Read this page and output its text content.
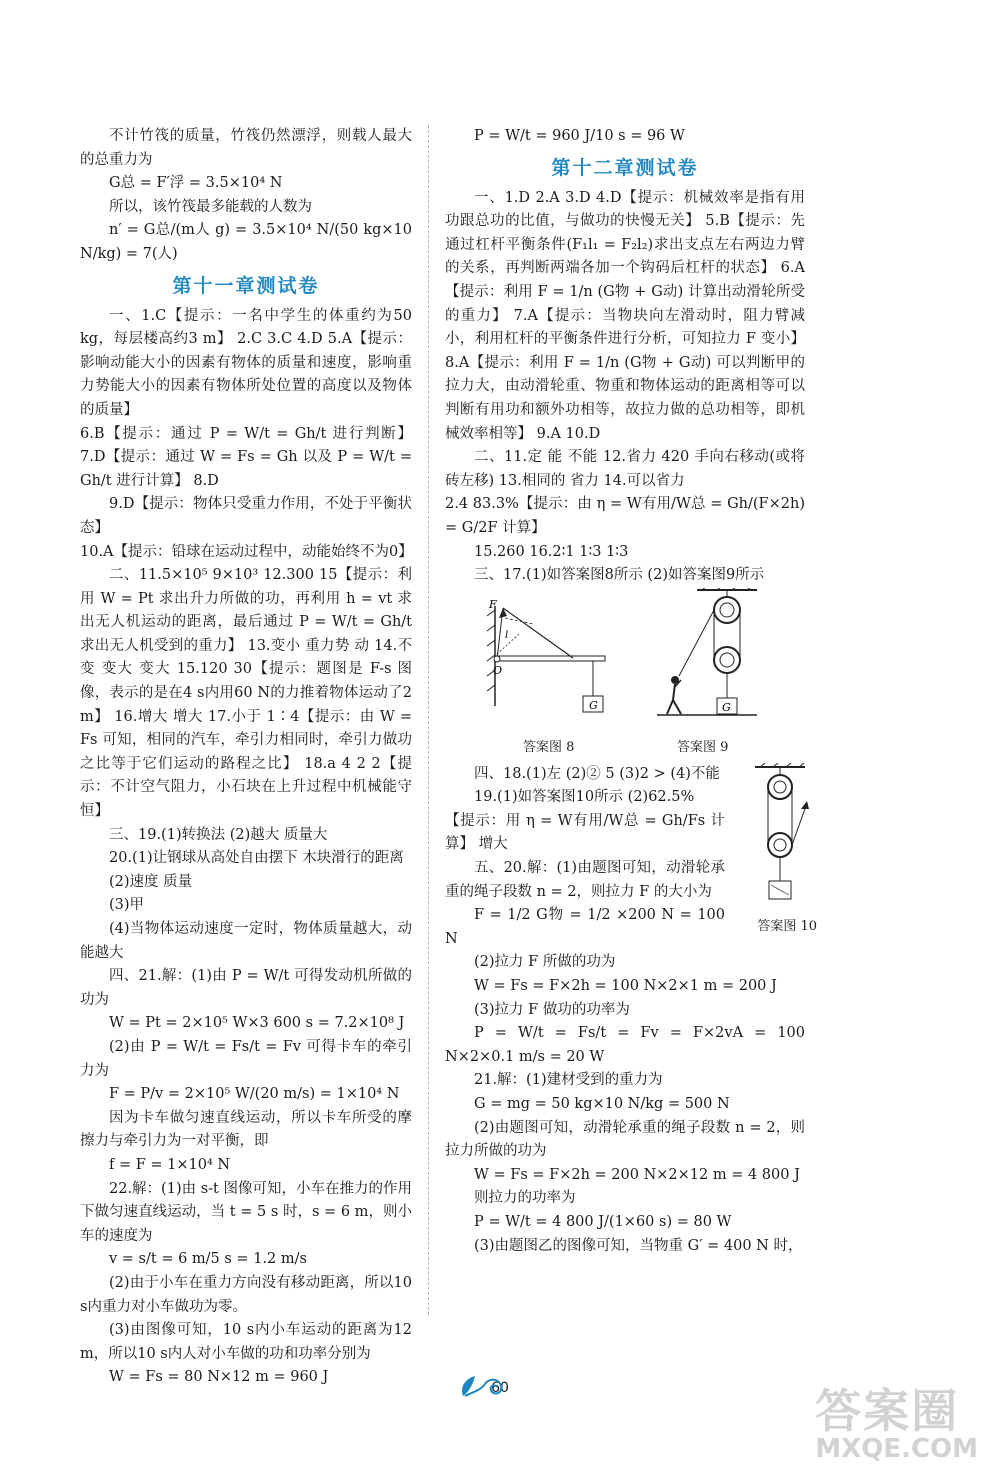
不计竹筏的质量，竹筏仍然漂浮，则载人最大的总重力为

G总 = F′浮 = 3.5×10⁴ N

所以，该竹筏最多能载的人数为

n′ = G总/(m人 g) = 3.5×10⁴ N/(50 kg×10 N/kg) = 7(人)

第十一章测试卷

一、1.C【提示：一名中学生的体重约为50 kg，每层楼高约3 m】 2.C 3.C 4.D 5.A【提示：影响动能大小的因素有物体的质量和速度，影响重力势能大小的因素有物体所处位置的高度以及物体的质量】

6.B【提示：通过 P = W/t = Gh/t 进行判断】 7.D【提示：通过 W = Fs = Gh 以及 P = W/t = Gh/t 进行计算】 8.D

9.D【提示：物体只受重力作用，不处于平衡状态】

10.A【提示：铅球在运动过程中，动能始终不为0】

二、11.5×10⁵ 9×10³ 12.300 15【提示：利用 W = Pt 求出升力所做的功，再利用 h = vt 求出无人机运动的距离，最后通过 P = W/t = Gh/t 求出无人机受到的重力】 13.变小 重力势 动 14.不变 变大 变大 15.120 30【提示：题图是 F-s 图像，表示的是在4 s内用60 N的力推着物体运动了2 m】 16.增大 增大 17.小于 1∶4【提示：由 W = Fs 可知，相同的汽车，牵引力相同时，牵引力做功之比等于它们运动的路程之比】 18.a 4 2 2【提示：不计空气阻力，小石块在上升过程中机械能守恒】

三、19.(1)转换法 (2)越大 质量大

20.(1)让钢球从高处自由摆下 木块滑行的距离

(2)速度 质量

(3)甲

(4)当物体运动速度一定时，物体质量越大，动能越大

四、21.解：(1)由 P = W/t 可得发动机所做的功为

W = Pt = 2×10⁵ W×3 600 s = 7.2×10⁸ J

(2)由 P = W/t = Fs/t = Fv 可得卡车的牵引力为

F = P/v = 2×10⁵ W/(20 m/s) = 1×10⁴ N

因为卡车做匀速直线运动，所以卡车所受的摩擦力与牵引力为一对平衡，即

f = F = 1×10⁴ N

22.解：(1)由 s-t 图像可知，小车在推力的作用下做匀速直线运动，当 t = 5 s 时，s = 6 m，则小车的速度为

v = s/t = 6 m/5 s = 1.2 m/s

(2)由于小车在重力方向没有移动距离，所以10 s内重力对小车做功为零。

(3)由图像可知，10 s内小车运动的距离为12 m，所以10 s内人对小车做的功和功率分别为

W = Fs = 80 N×12 m = 960 J

P = W/t = 960 J/10 s = 96 W

第十二章测试卷

一、1.D 2.A 3.D 4.D【提示：机械效率是指有用功跟总功的比值，与做功的快慢无关】 5.B【提示：先通过杠杆平衡条件(F₁l₁ = F₂l₂)求出支点左右两边力臂的关系，再判断两端各加一个钩码后杠杆的状态】 6.A【提示：利用 F = 1/n (G物 + G动) 计算出动滑轮所受的重力】 7.A【提示：当物块向左滑动时，阻力臂减小，利用杠杆的平衡条件进行分析，可知拉力 F 变小】 8.A【提示：利用 F = 1/n (G物 + G动) 可以判断甲的拉力大，由动滑轮重、物重和物体运动的距离相等可以判断有用功和额外功相等，故拉力做的总功相等，即机械效率相等】 9.A 10.D

二、11.定 能 不能 12.省力 420 手向右移动(或将砖左移) 13.相同的 省力 14.可以省力

2.4 83.3%【提示：由 η = W有用/W总 = Gh/(F×2h) = G/2F 计算】

15.260 16.2∶1 1∶3 1∶3

三、17.(1)如答案图8所示 (2)如答案图9所示

F
l
O
G
答案图 8
G
答案图 9

四、18.(1)左 (2)② 5 (3)2 > (4)不能

19.(1)如答案图10所示 (2)62.5%

【提示：用 η = W有用/W总 = Gh/Fs 计算】 增大

五、20.解：(1)由题图可知，动滑轮承重的绳子段数 n = 2，则拉力 F 的大小为

F = 1/2 G物 = 1/2 ×200 N = 100 N

(2)拉力 F 所做的功为

W = Fs = F×2h = 100 N×2×1 m = 200 J

(3)拉力 F 做功的功率为

P = W/t = Fs/t = Fv = F×2vA = 100 N×2×0.1 m/s = 20 W

21.解：(1)建材受到的重力为

G = mg = 50 kg×10 N/kg = 500 N

(2)由题图可知，动滑轮承重的绳子段数 n = 2，则拉力所做的功为

W = Fs = F×2h = 200 N×2×12 m = 4 800 J

则拉力的功率为

P = W/t = 4 800 J/(1×60 s) = 80 W

(3)由题图乙的图像可知，当物重 G′ = 400 N 时，

答案图 10
60	答案圈
MXQE.COM
